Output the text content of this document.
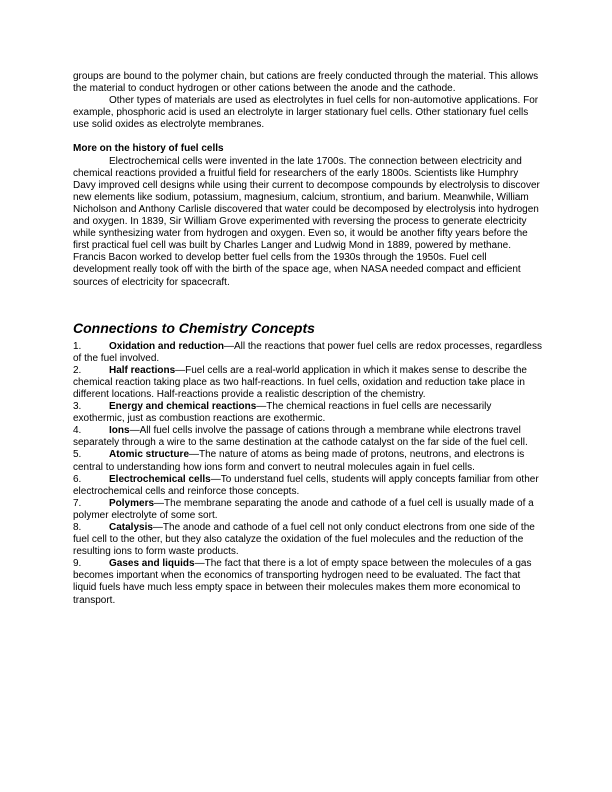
groups are bound to the polymer chain, but cations are freely conducted through the material. This allows the material to conduct hydrogen or other cations between the anode and the cathode.

Other types of materials are used as electrolytes in fuel cells for non-automotive applications. For example, phosphoric acid is used an electrolyte in larger stationary fuel cells. Other stationary fuel cells use solid oxides as electrolyte membranes.

More on the history of fuel cells

Electrochemical cells were invented in the late 1700s. The connection between electricity and chemical reactions provided a fruitful field for researchers of the early 1800s. Scientists like Humphry Davy improved cell designs while using their current to decompose compounds by electrolysis to discover new elements like sodium, potassium, magnesium, calcium, strontium, and barium. Meanwhile, William Nicholson and Anthony Carlisle discovered that water could be decomposed by electrolysis into hydrogen and oxygen. In 1839, Sir William Grove experimented with reversing the process to generate electricity while synthesizing water from hydrogen and oxygen. Even so, it would be another fifty years before the first practical fuel cell was built by Charles Langer and Ludwig Mond in 1889, powered by methane. Francis Bacon worked to develop better fuel cells from the 1930s through the 1950s. Fuel cell development really took off with the birth of the space age, when NASA needed compact and efficient sources of electricity for spacecraft.

Connections to Chemistry Concepts

1.	Oxidation and reduction—All the reactions that power fuel cells are redox processes, regardless of the fuel involved.

2.	Half reactions—Fuel cells are a real-world application in which it makes sense to describe the chemical reaction taking place as two half-reactions. In fuel cells, oxidation and reduction take place in different locations. Half-reactions provide a realistic description of the chemistry.

3.	Energy and chemical reactions—The chemical reactions in fuel cells are necessarily exothermic, just as combustion reactions are exothermic.

4.	Ions—All fuel cells involve the passage of cations through a membrane while electrons travel separately through a wire to the same destination at the cathode catalyst on the far side of the fuel cell.

5.	Atomic structure—The nature of atoms as being made of protons, neutrons, and electrons is central to understanding how ions form and convert to neutral molecules again in fuel cells.

6.	Electrochemical cells—To understand fuel cells, students will apply concepts familiar from other electrochemical cells and reinforce those concepts.

7.	Polymers—The membrane separating the anode and cathode of a fuel cell is usually made of a polymer electrolyte of some sort.

8.	Catalysis—The anode and cathode of a fuel cell not only conduct electrons from one side of the fuel cell to the other, but they also catalyze the oxidation of the fuel molecules and the reduction of the resulting ions to form waste products.

9.	Gases and liquids—The fact that there is a lot of empty space between the molecules of a gas becomes important when the economics of transporting hydrogen need to be evaluated. The fact that liquid fuels have much less empty space in between their molecules makes them more economical to transport.
